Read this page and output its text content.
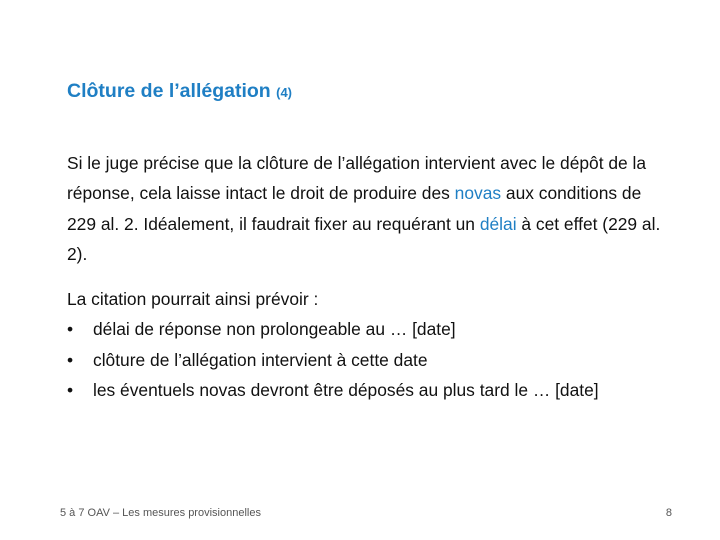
Clôture de l’allégation (4)
Si le juge précise que la clôture de l’allégation intervient avec le dépôt de la réponse, cela laisse intact le droit de produire des novas aux conditions de 229 al. 2. Idéalement, il faudrait fixer au requérant un délai à cet effet (229 al. 2).
La citation pourrait ainsi prévoir :
• délai de réponse non prolongeable au … [date]
• clôture de l’allégation intervient à cette date
• les éventuels novas devront être déposés au plus tard le … [date]
5 à 7 OAV – Les mesures provisionnelles	8
